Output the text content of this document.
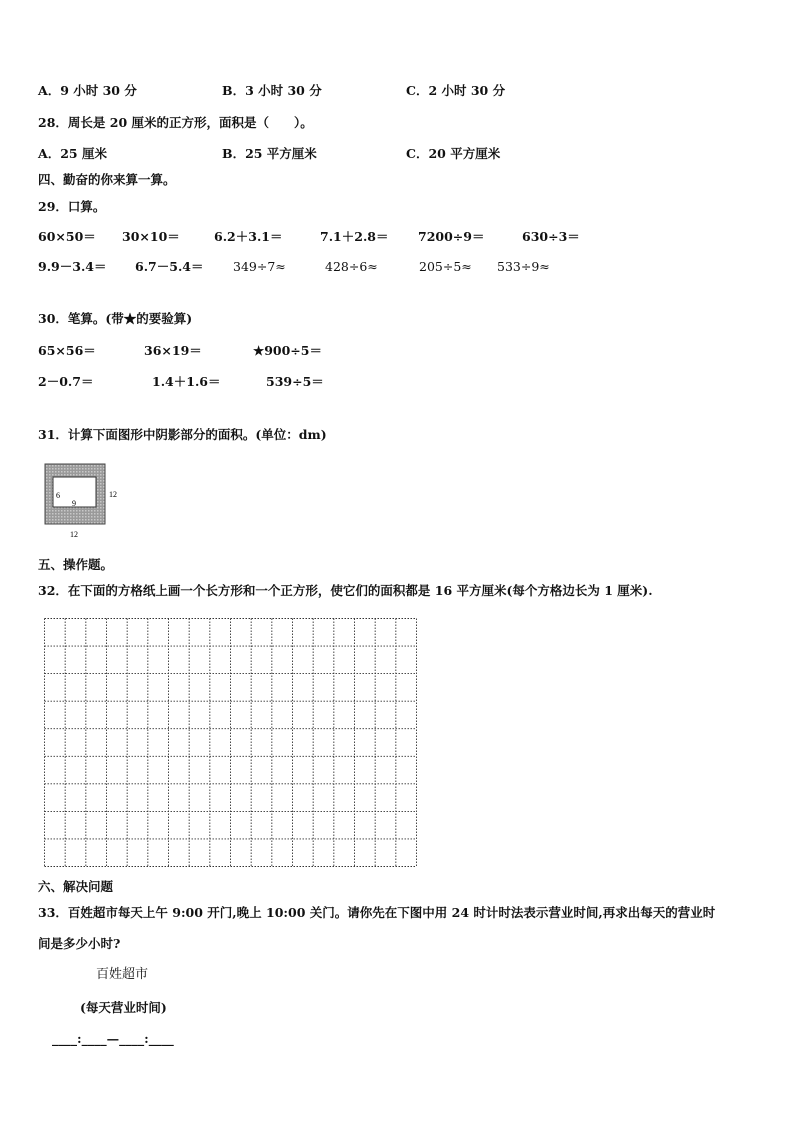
A．9 小时 30 分	B．3 小时 30 分	C．2 小时 30 分
28．周长是 20 厘米的正方形，面积是（　　）。
A．25 厘米	B．25 平方厘米	C．20 平方厘米
四、勤奋的你来算一算。
29．口算。
60×50＝ 30×10＝	6.2＋3.1＝	7.1＋2.8＝ 7200÷9＝	630÷3＝
9.9－3.4＝ 6.7－5.4＝ 349÷7≈	428÷6≈	205÷5≈ 533÷9≈
30．笔算。(带★的要验算)
65×56＝	36×19＝	★900÷5＝
2－0.7＝	1.4＋1.6＝	539÷5＝
31．计算下面图形中阴影部分的面积。(单位：dm)
6
9
12
12
五、操作题。
32．在下面的方格纸上画一个长方形和一个正方形，使它们的面积都是 16 平方厘米(每个方格边长为 1 厘米).
六、解决问题
33．百姓超市每天上午 9:00 开门,晚上 10:00 关门。请你先在下图中用 24 时计时法表示营业时间,再求出每天的营业时
间是多少小时?
百姓超市
(每天营业时间)
____:____—____:____
